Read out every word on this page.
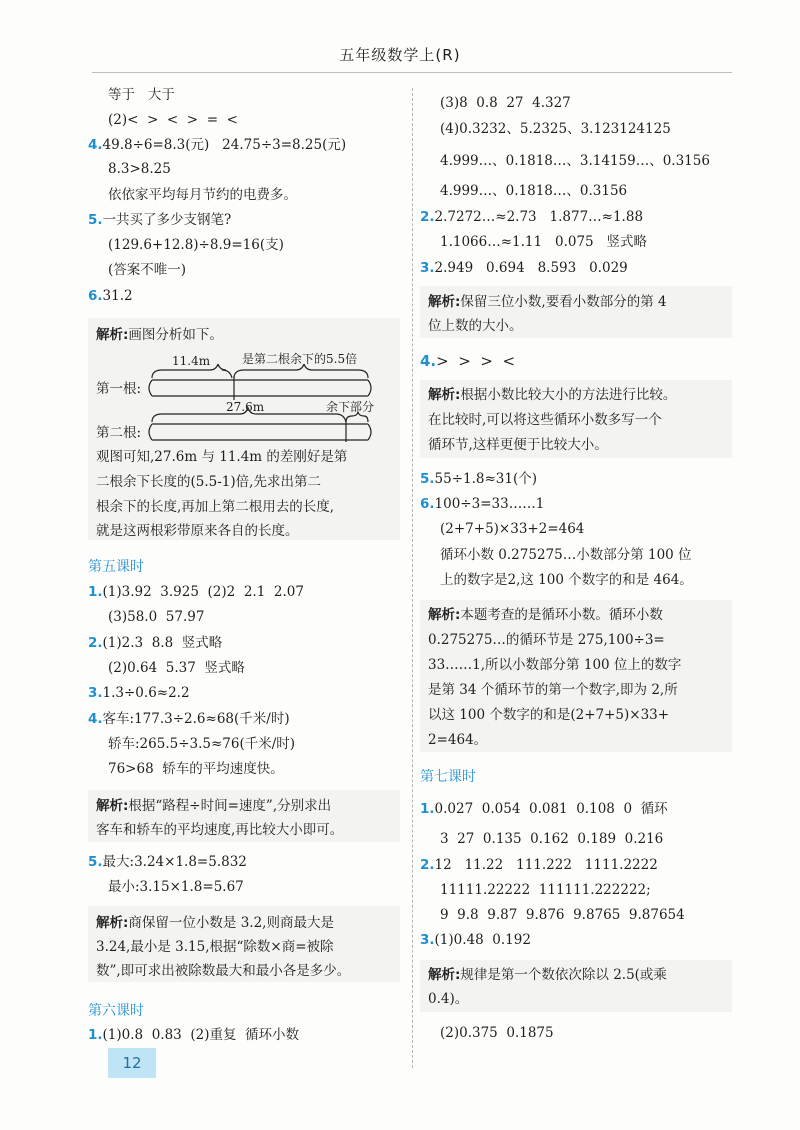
五年级数学上(R)
等于   大于
(2)<  >  <  >  =  <
4.49.8÷6=8.3(元)   24.75÷3=8.25(元)
8.3>8.25
依依家平均每月节约的电费多。
5.一共买了多少支钢笔?
(129.6+12.8)÷8.9=16(支)
(答案不唯一)
6.31.2
解析:画图分析如下。
第一根:
第二根:
11.4m	是第二根余下的5.5倍
27.6m	余下部分
观图可知,27.6m 与 11.4m 的差刚好是第
二根余下长度的(5.5-1)倍,先求出第二
根余下的长度,再加上第二根用去的长度,
就是这两根彩带原来各自的长度。
第五课时
1.(1)3.92  3.925  (2)2  2.1  2.07
(3)58.0  57.97
2.(1)2.3  8.8  竖式略
(2)0.64  5.37  竖式略
3.1.3÷0.6≈2.2
4.客车:177.3÷2.6≈68(千米/时)
轿车:265.5÷3.5≈76(千米/时)
76>68  轿车的平均速度快。
解析:根据“路程÷时间=速度”,分别求出
客车和轿车的平均速度,再比较大小即可。
5.最大:3.24×1.8=5.832
最小:3.15×1.8=5.67
解析:商保留一位小数是 3.2,则商最大是
3.24,最小是 3.15,根据“除数×商=被除
数”,即可求出被除数最大和最小各是多少。
第六课时
1.(1)0.8  0.83  (2)重复  循环小数
(3)8  0.8  27  4.327
(4)0.3232、5.2325、3.123124125
4.999…、0.1818…、3.14159…、0.3156
4.999…、0.1818…、0.3156
2.2.7272…≈2.73   1.877…≈1.88
1.1066…≈1.11   0.075   竖式略
3.2.949   0.694   8.593   0.029
解析:保留三位小数,要看小数部分的第 4
位上数的大小。
4.>  >  >  <
解析:根据小数比较大小的方法进行比较。
在比较时,可以将这些循环小数多写一个
循环节,这样更便于比较大小。
5.55÷1.8≈31(个)
6.100÷3=33……1
(2+7+5)×33+2=464
循环小数 0.275275…小数部分第 100 位
上的数字是2,这 100 个数字的和是 464。
解析:本题考查的是循环小数。循环小数
0.275275…的循环节是 275,100÷3=
33……1,所以小数部分第 100 位上的数字
是第 34 个循环节的第一个数字,即为 2,所
以这 100 个数字的和是(2+7+5)×33+
2=464。
第七课时
1.0.027  0.054  0.081  0.108  0  循环
3  27  0.135  0.162  0.189  0.216
2.12   11.22   111.222   1111.2222
11111.22222  111111.222222;
9  9.8  9.87  9.876  9.8765  9.87654
3.(1)0.48  0.192
解析:规律是第一个数依次除以 2.5(或乘
0.4)。
(2)0.375  0.1875
12
